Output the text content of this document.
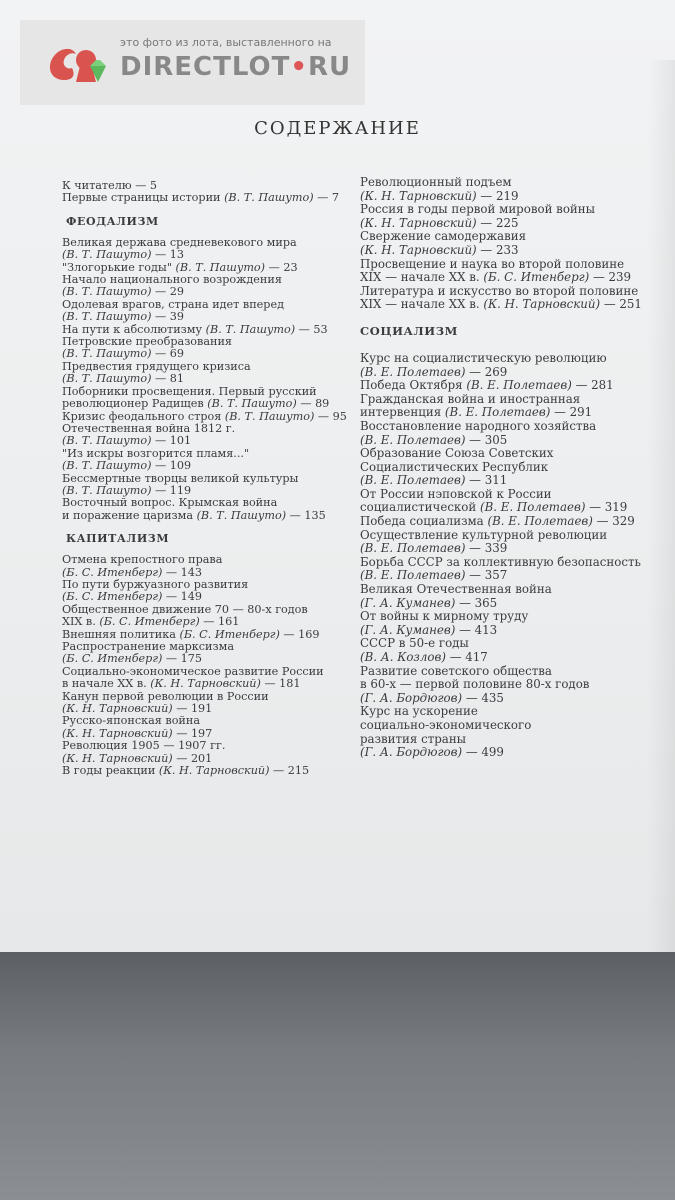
это фото из лота, выставленного на
DIRECTLOT•RU
СОДЕРЖАНИЕ
К читателю — 5
Первые страницы истории (В. Т. Пашуто) — 7
ФЕОДАЛИЗМ
Великая держава средневекового мира
(В. Т. Пашуто) — 13
"Злогорькие годы" (В. Т. Пашуто) — 23
Начало национального возрождения
(В. Т. Пашуто) — 29
Одолевая врагов, страна идет вперед
(В. Т. Пашуто) — 39
На пути к абсолютизму (В. Т. Пашуто) — 53
Петровские преобразования
(В. Т. Пашуто) — 69
Предвестия грядущего кризиса
(В. Т. Пашуто) — 81
Поборники просвещения. Первый русский
революционер Радищев (В. Т. Пашуто) — 89
Кризис феодального строя (В. Т. Пашуто) — 95
Отечественная война 1812 г.
(В. Т. Пашуто) — 101
"Из искры возгорится пламя..."
(В. Т. Пашуто) — 109
Бессмертные творцы великой культуры
(В. Т. Пашуто) — 119
Восточный вопрос. Крымская война
и поражение царизма (В. Т. Пашуто) — 135
КАПИТАЛИЗМ
Отмена крепостного права
(Б. С. Итенберг) — 143
По пути буржуазного развития
(Б. С. Итенберг) — 149
Общественное движение 70 — 80-х годов
XIX в. (Б. С. Итенберг) — 161
Внешняя политика (Б. С. Итенберг) — 169
Распространение марксизма
(Б. С. Итенберг) — 175
Социально-экономическое развитие России
в начале XX в. (К. Н. Тарновский) — 181
Канун первой революции в России
(К. Н. Тарновский) — 191
Русско-японская война
(К. Н. Тарновский) — 197
Революция 1905 — 1907 гг.
(К. Н. Тарновский) — 201
В годы реакции (К. Н. Тарновский) — 215
Революционный подъем
(К. Н. Тарновский) — 219
Россия в годы первой мировой войны
(К. Н. Тарновский) — 225
Свержение самодержавия
(К. Н. Тарновский) — 233
Просвещение и наука во второй половине
XIX — начале XX в. (Б. С. Итенберг) — 239
Литература и искусство во второй половине
XIX — начале XX в. (К. Н. Тарновский) — 251
СОЦИАЛИЗМ
Курс на социалистическую революцию
(В. Е. Полетаев) — 269
Победа Октября (В. Е. Полетаев) — 281
Гражданская война и иностранная
интервенция (В. Е. Полетаев) — 291
Восстановление народного хозяйства
(В. Е. Полетаев) — 305
Образование Союза Советских
Социалистических Республик
(В. Е. Полетаев) — 311
От России нэповской к России
социалистической (В. Е. Полетаев) — 319
Победа социализма (В. Е. Полетаев) — 329
Осуществление культурной революции
(В. Е. Полетаев) — 339
Борьба СССР за коллективную безопасность
(В. Е. Полетаев) — 357
Великая Отечественная война
(Г. А. Куманев) — 365
От войны к мирному труду
(Г. А. Куманев) — 413
СССР в 50-е годы
(В. А. Козлов) — 417
Развитие советского общества
в 60-х — первой половине 80-х годов
(Г. А. Бордюгов) — 435
Курс на ускорение
социально-экономического
развития страны
(Г. А. Бордюгов) — 499
